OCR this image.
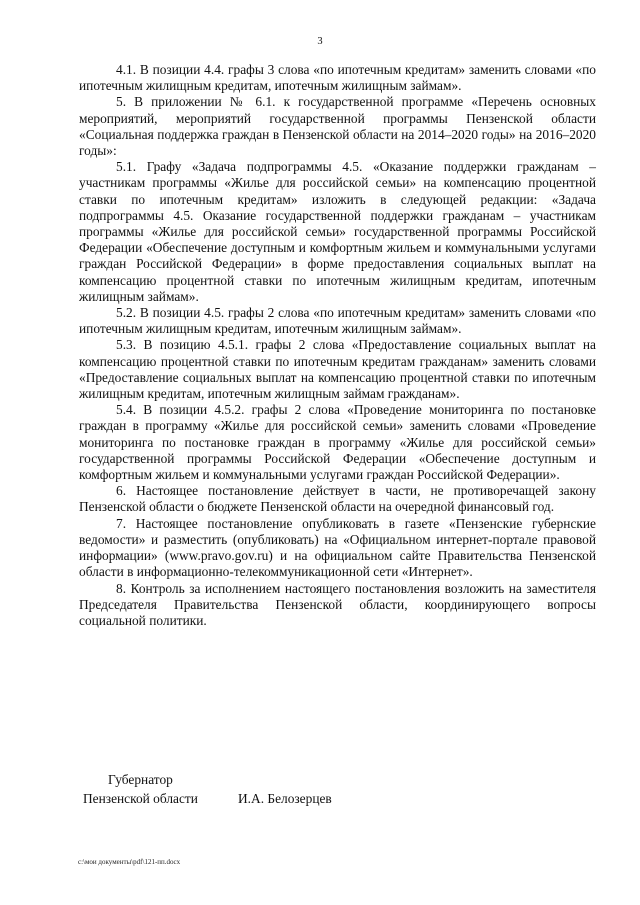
3

4.1. В позиции 4.4. графы 3 слова «по ипотечным кредитам» заменить словами «по ипотечным жилищным кредитам, ипотечным жилищным займам».

5. В приложении № 6.1. к государственной программе «Перечень основных мероприятий, мероприятий государственной программы Пензенской области «Социальная поддержка граждан в Пензенской области на 2014–2020 годы» на 2016–2020 годы»:

5.1. Графу «Задача подпрограммы 4.5. «Оказание поддержки гражданам – участникам программы «Жилье для российской семьи» на компенсацию процентной ставки по ипотечным кредитам» изложить в следующей редакции: «Задача подпрограммы 4.5. Оказание государственной поддержки гражданам – участникам программы «Жилье для российской семьи» государственной программы Российской Федерации «Обеспечение доступным и комфортным жильем и коммунальными услугами граждан Российской Федерации» в форме предоставления социальных выплат на компенсацию процентной ставки по ипотечным жилищным кредитам, ипотечным жилищным займам».

5.2. В позиции 4.5. графы 2 слова «по ипотечным кредитам» заменить словами «по ипотечным жилищным кредитам, ипотечным жилищным займам».

5.3. В позицию 4.5.1. графы 2 слова «Предоставление социальных выплат на компенсацию процентной ставки по ипотечным кредитам гражданам» заменить словами «Предоставление социальных выплат на компенсацию процентной ставки по ипотечным жилищным кредитам, ипотечным жилищным займам гражданам».

5.4. В позиции 4.5.2. графы 2 слова «Проведение мониторинга по постановке граждан в программу «Жилье для российской семьи» заменить словами «Проведение мониторинга по постановке граждан в программу «Жилье для российской семьи» государственной программы Российской Федерации «Обеспечение доступным и комфортным жильем и коммунальными услугами граждан Российской Федерации».

6. Настоящее постановление действует в части, не противоречащей закону Пензенской области о бюджете Пензенской области на очередной финансовый год.

7. Настоящее постановление опубликовать в газете «Пензенские губернские ведомости» и разместить (опубликовать) на «Официальном интернет-портале правовой информации» (www.pravo.gov.ru) и на официальном сайте Правительства Пензенской области в информационно-телекоммуникационной сети «Интернет».

8. Контроль за исполнением настоящего постановления возложить на заместителя Председателя Правительства Пензенской области, координирующего вопросы социальной политики.

Губернатор
Пензенской области	И.А. Белозерцев
c:\мои документы\pdf\121-пп.docx
